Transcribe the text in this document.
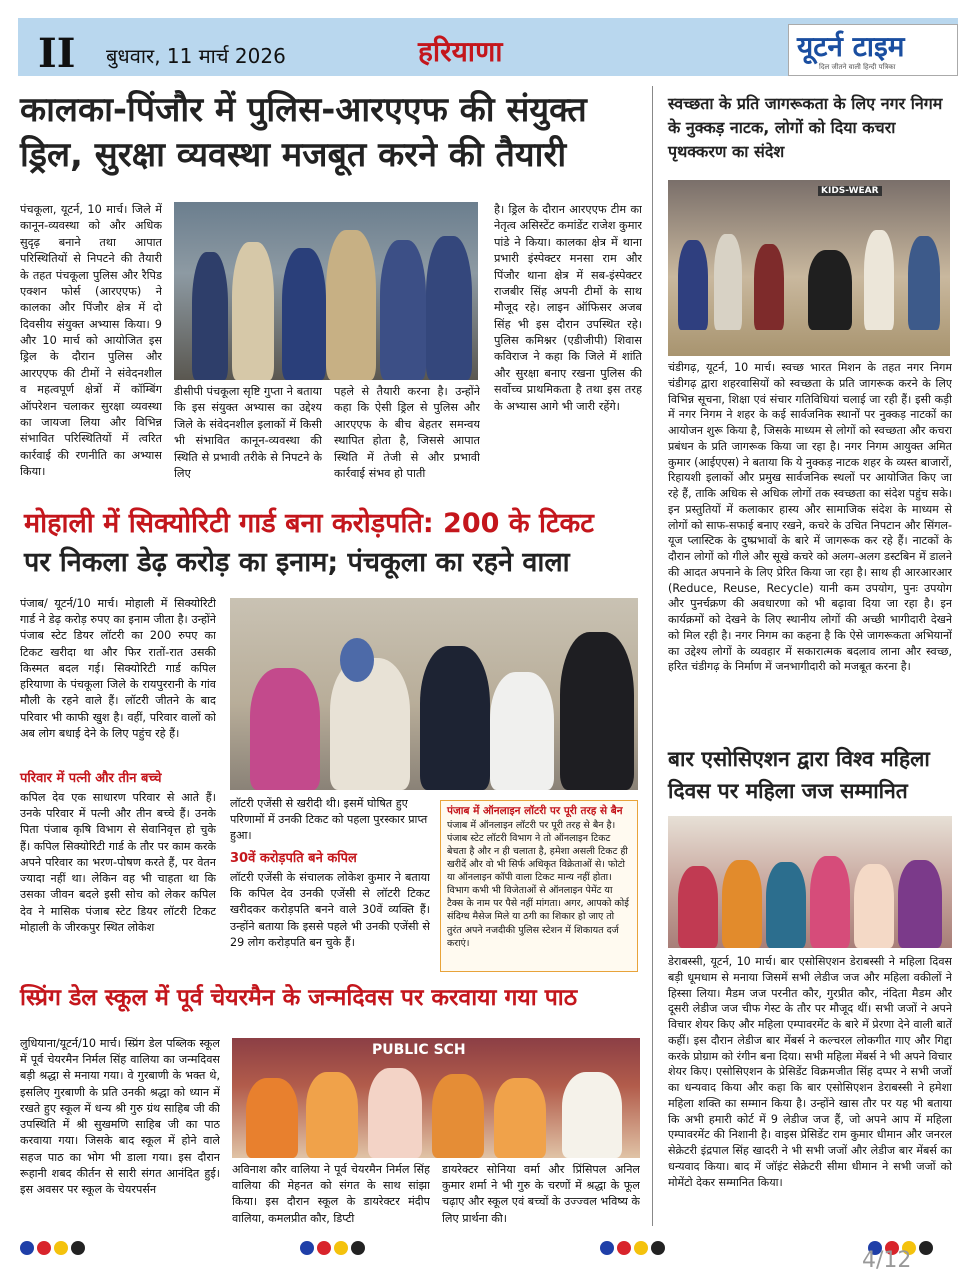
II बुधवार, 11 मार्च 2026	हरियाणा	यूटर्न टाइम
दिल जीतने वाली हिन्दी पत्रिका
कालका-पिंजौर में पुलिस-आरएएफ की संयुक्त
ड्रिल, सुरक्षा व्यवस्था मजबूत करने की तैयारी
पंचकूला, यूटर्न, 10 मार्च। जिले में कानून-व्यवस्था को और अधिक सुदृढ़ बनाने तथा आपात परिस्थितियों से निपटने की तैयारी के तहत पंचकूला पुलिस और रैपिड एक्शन फोर्स (आरएएफ) ने कालका और पिंजौर क्षेत्र में दो दिवसीय संयुक्त अभ्यास किया। 9 और 10 मार्च को आयोजित इस ड्रिल के दौरान पुलिस और आरएएफ की टीमों ने संवेदनशील व महत्वपूर्ण क्षेत्रों में कॉम्बिंग ऑपरेशन चलाकर सुरक्षा व्यवस्था का जायजा लिया और विभिन्न संभावित परिस्थितियों में त्वरित कार्रवाई की रणनीति का अभ्यास किया।
डीसीपी पंचकूला सृष्टि गुप्ता ने बताया कि इस संयुक्त अभ्यास का उद्देश्य जिले के संवेदनशील इलाकों में किसी भी संभावित कानून-व्यवस्था की स्थिति से प्रभावी तरीके से निपटने के लिए
पहले से तैयारी करना है। उन्होंने कहा कि ऐसी ड्रिल से पुलिस और आरएएफ के बीच बेहतर समन्वय स्थापित होता है, जिससे आपात स्थिति में तेजी से और प्रभावी कार्रवाई संभव हो पाती
है। ड्रिल के दौरान आरएएफ टीम का नेतृत्व असिस्टेंट कमांडेंट राजेश कुमार पांडे ने किया। कालका क्षेत्र में थाना प्रभारी इंस्पेक्टर मनसा राम और पिंजौर थाना क्षेत्र में सब-इंस्पेक्टर राजबीर सिंह अपनी टीमों के साथ मौजूद रहे। लाइन ऑफिसर अजब सिंह भी इस दौरान उपस्थित रहे। पुलिस कमिश्नर (एडीजीपी) शिवास कविराज ने कहा कि जिले में शांति और सुरक्षा बनाए रखना पुलिस की सर्वोच्च प्राथमिकता है तथा इस तरह के अभ्यास आगे भी जारी रहेंगे।
मोहाली में सिक्योरिटी गार्ड बना करोड़पति: 200 के टिकट
पर निकला डेढ़ करोड़ का इनाम; पंचकूला का रहने वाला
पंजाब/ यूटर्न/10 मार्च। मोहाली में सिक्योरिटी गार्ड ने डेढ़ करोड़ रुपए का इनाम जीता है। उन्होंने पंजाब स्टेट डियर लॉटरी का 200 रुपए का टिकट खरीदा था और फिर रातों-रात उसकी किस्मत बदल गई। सिक्योरिटी गार्ड कपिल हरियाणा के पंचकूला जिले के रायपुररानी के गांव मौली के रहने वाले हैं। लॉटरी जीतने के बाद परिवार भी काफी खुश है। वहीं, परिवार वालों को अब लोग बधाई देने के लिए पहुंच रहे हैं।
परिवार में पत्नी और तीन बच्चे
कपिल देव एक साधारण परिवार से आते हैं। उनके परिवार में पत्नी और तीन बच्चे हैं। उनके पिता पंजाब कृषि विभाग से सेवानिवृत्त हो चुके हैं। कपिल सिक्योरिटी गार्ड के तौर पर काम करके अपने परिवार का भरण-पोषण करते हैं, पर वेतन ज्यादा नहीं था। लेकिन वह भी चाहता था कि उसका जीवन बदले इसी सोच को लेकर कपिल देव ने मासिक पंजाब स्टेट डियर लॉटरी टिकट मोहाली के जीरकपुर स्थित लोकेश
लॉटरी एजेंसी से खरीदी थी। इसमें घोषित हुए परिणामों में उनकी टिकट को पहला पुरस्कार प्राप्त हुआ।
30वें करोड़पति बने कपिल
लॉटरी एजेंसी के संचालक लोकेश कुमार ने बताया कि कपिल देव उनकी एजेंसी से लॉटरी टिकट खरीदकर करोड़पति बनने वाले 30वें व्यक्ति हैं। उन्होंने बताया कि इससे पहले भी उनकी एजेंसी से 29 लोग करोड़पति बन चुके हैं।
पंजाब में ऑनलाइन लॉटरी पर पूरी तरह से बैन
पंजाब में ऑनलाइन लॉटरी पर पूरी तरह से बैन है। पंजाब स्टेट लॉटरी विभाग ने तो ऑनलाइन टिकट बेचता है और न ही चलाता है, हमेशा असली टिकट ही खरीदें और वो भी सिर्फ अधिकृत विक्रेताओं से। फोटो या ऑनलाइन कॉपी वाला टिकट मान्य नहीं होता। विभाग कभी भी विजेताओं से ऑनलाइन पेमेंट या टैक्स के नाम पर पैसे नहीं मांगता। अगर, आपको कोई संदिग्ध मैसेज मिले या ठगी का शिकार हो जाए तो तुरंत अपने नजदीकी पुलिस स्टेशन में शिकायत दर्ज कराएं।
स्प्रिंग डेल स्कूल में पूर्व चेयरमैन के जन्मदिवस पर करवाया गया पाठ
लुधियाना/यूटर्न/10 मार्च। स्प्रिंग डेल पब्लिक स्कूल में पूर्व चेयरमैन निर्मल सिंह वालिया का जन्मदिवस बड़ी श्रद्धा से मनाया गया। वे गुरबाणी के भक्त थे, इसलिए गुरबाणी के प्रति उनकी श्रद्धा को ध्यान में रखते हुए स्कूल में धन्य श्री गुरु ग्रंथ साहिब जी की उपस्थिति में श्री सुखमणि साहिब जी का पाठ करवाया गया। जिसके बाद स्कूल में होने वाले सहज पाठ का भोग भी डाला गया। इस दौरान रूहानी शबद कीर्तन से सारी संगत आनंदित हुई। इस अवसर पर स्कूल के चेयरपर्सन
PUBLIC SCH
अविनाश कौर वालिया ने पूर्व चेयरमैन निर्मल सिंह वालिया की मेहनत को संगत के साथ सांझा किया। इस दौरान स्कूल के डायरेक्टर मंदीप वालिया, कमलप्रीत कौर, डिप्टी
डायरेक्टर सोनिया वर्मा और प्रिंसिपल अनिल कुमार शर्मा ने भी गुरु के चरणों में श्रद्धा के फूल चढ़ाए और स्कूल एवं बच्चों के उज्ज्वल भविष्य के लिए प्रार्थना की।
स्वच्छता के प्रति जागरूकता के लिए नगर निगम के नुक्कड़ नाटक, लोगों को दिया कचरा पृथक्करण का संदेश
KIDS-WEAR
चंडीगढ़, यूटर्न, 10 मार्च। स्वच्छ भारत मिशन के तहत नगर निगम चंडीगढ़ द्वारा शहरवासियों को स्वच्छता के प्रति जागरूक करने के लिए विभिन्न सूचना, शिक्षा एवं संचार गतिविधियां चलाई जा रही हैं। इसी कड़ी में नगर निगम ने शहर के कई सार्वजनिक स्थानों पर नुक्कड़ नाटकों का आयोजन शुरू किया है, जिसके माध्यम से लोगों को स्वच्छता और कचरा प्रबंधन के प्रति जागरूक किया जा रहा है। नगर निगम आयुक्त अमित कुमार (आईएएस) ने बताया कि ये नुक्कड़ नाटक शहर के व्यस्त बाजारों, रिहायशी इलाकों और प्रमुख सार्वजनिक स्थलों पर आयोजित किए जा रहे हैं, ताकि अधिक से अधिक लोगों तक स्वच्छता का संदेश पहुंच सके। इन प्रस्तुतियों में कलाकार हास्य और सामाजिक संदेश के माध्यम से लोगों को साफ-सफाई बनाए रखने, कचरे के उचित निपटान और सिंगल-यूज प्लास्टिक के दुष्प्रभावों के बारे में जागरूक कर रहे हैं। नाटकों के दौरान लोगों को गीले और सूखे कचरे को अलग-अलग डस्टबिन में डालने की आदत अपनाने के लिए प्रेरित किया जा रहा है। साथ ही आरआरआर (Reduce, Reuse, Recycle) यानी कम उपयोग, पुनः उपयोग और पुनर्चक्रण की अवधारणा को भी बढ़ावा दिया जा रहा है। इन कार्यक्रमों को देखने के लिए स्थानीय लोगों की अच्छी भागीदारी देखने को मिल रही है। नगर निगम का कहना है कि ऐसे जागरूकता अभियानों का उद्देश्य लोगों के व्यवहार में सकारात्मक बदलाव लाना और स्वच्छ, हरित चंडीगढ़ के निर्माण में जनभागीदारी को मजबूत करना है।
बार एसोसिएशन द्वारा विश्व महिला
दिवस पर महिला जज सम्मानित
डेराबस्सी, यूटर्न, 10 मार्च। बार एसोसिएशन डेराबस्सी ने महिला दिवस बड़ी धूमधाम से मनाया जिसमें सभी लेडीज जज और महिला वकीलों ने हिस्सा लिया। मैडम जज परनीत कौर, गुरप्रीत कौर, नंदिता मैडम और दूसरी लेडीज जज चीफ गेस्ट के तौर पर मौजूद थीं। सभी जजों ने अपने विचार शेयर किए और महिला एम्पावरमेंट के बारे में प्रेरणा देने वाली बातें कहीं। इस दौरान लेडीज बार मेंबर्स ने कल्चरल लोकगीत गाए और गिद्दा करके प्रोग्राम को रंगीन बना दिया। सभी महिला मेंबर्स ने भी अपने विचार शेयर किए। एसोसिएशन के प्रेसिडेंट विक्रमजीत सिंह दप्पर ने सभी जजों का धन्यवाद किया और कहा कि बार एसोसिएशन डेराबस्सी ने हमेशा महिला शक्ति का सम्मान किया है। उन्होंने खास तौर पर यह भी बताया कि अभी हमारी कोर्ट में 9 लेडीज जज हैं, जो अपने आप में महिला एम्पावरमेंट की निशानी है। वाइस प्रेसिडेंट राम कुमार धीमान और जनरल सेक्रेटरी इंद्रपाल सिंह खादरी ने भी सभी जजों और लेडीज बार मेंबर्स का धन्यवाद किया। बाद में जॉइंट सेक्रेटरी सीमा धीमान ने सभी जजों को मोमेंटो देकर सम्मानित किया।
4/12
